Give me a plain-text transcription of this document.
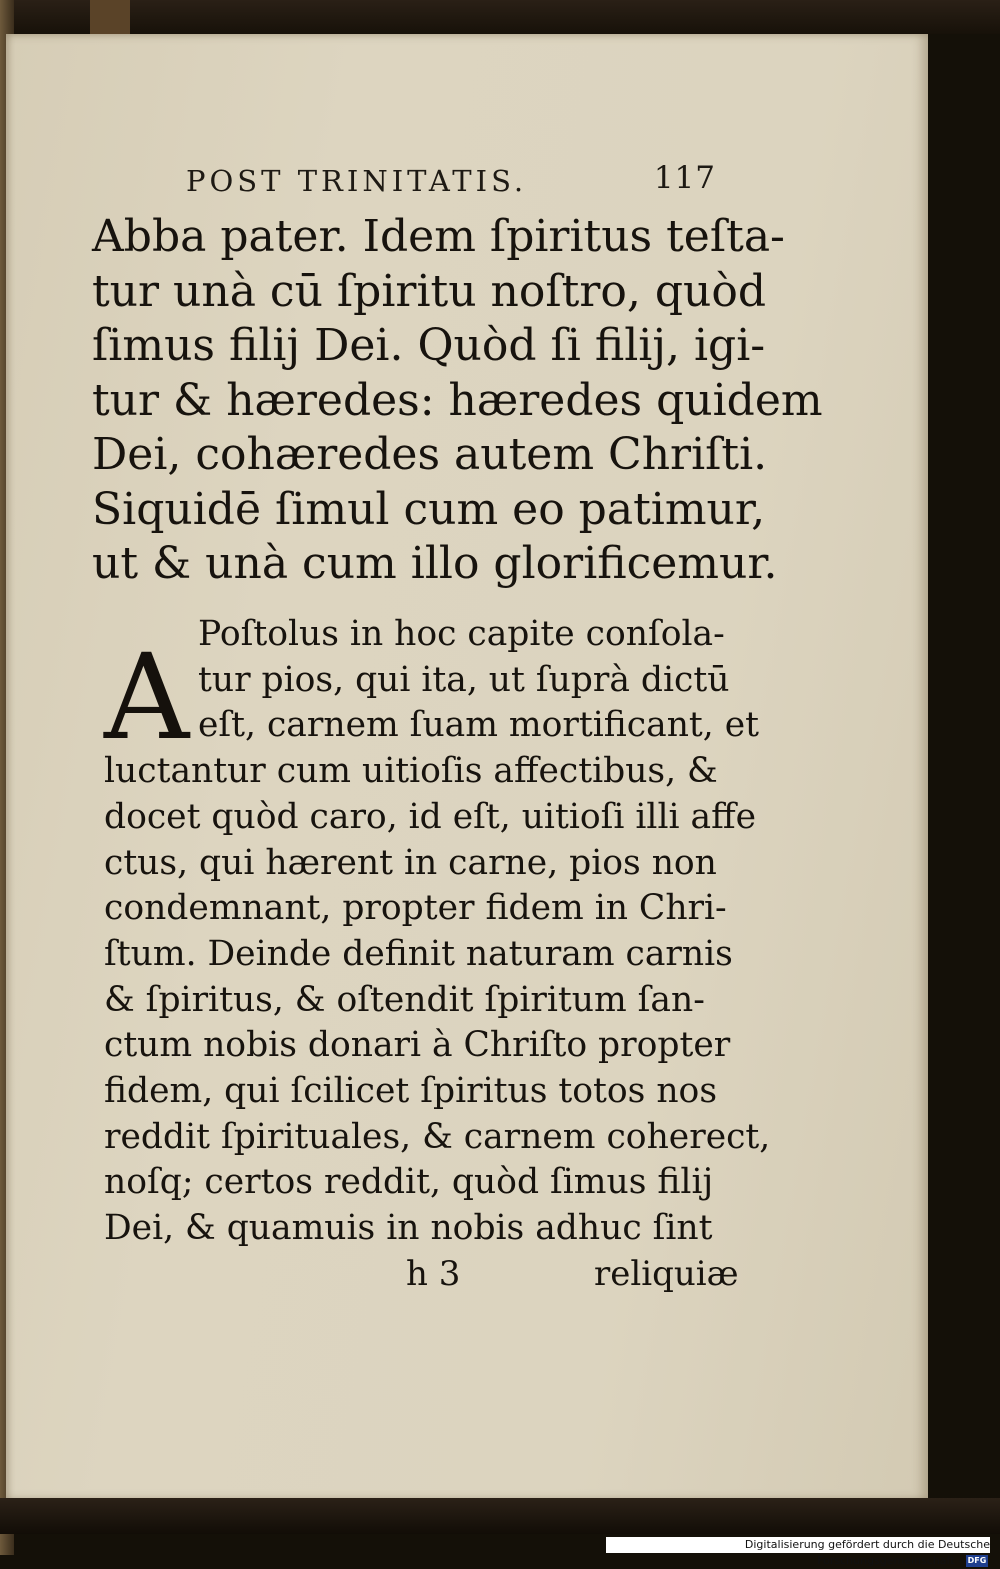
POST TRINITATIS.	117
Abba pater. Idem ſpiritus teſta-
tur unà cū ſpiritu noſtro, quòd
ſimus filij Dei. Quòd ſi filij, igi-
tur & hæredes: hæredes quidem
Dei, cohæredes autem Chriſti.
Siquidē ſimul cum eo patimur,
ut & unà cum illo glorificemur.
A Poſtolus in hoc capite conſola-
tur pios, qui ita, ut ſuprà dictū
eſt, carnem ſuam mortificant, et
luctantur cum uitioſis affectibus, &
docet quòd caro, id eſt, uitioſi illi affe
ctus, qui hærent in carne, pios non
condemnant, propter fidem in Chri-
ſtum. Deinde definit naturam carnis
& ſpiritus, & oſtendit ſpiritum ſan-
ctum nobis donari à Chriſto propter
fidem, qui ſcilicet ſpiritus totos nos
reddit ſpirituales, & carnem coherect,
noſq; certos reddit, quòd ſimus filij
Dei, & quamuis in nobis adhuc ſint
h 3	reliquiæ
Digitalisierung gefördert durch die Deutsche Forschungsgemeinschaft - DFG
